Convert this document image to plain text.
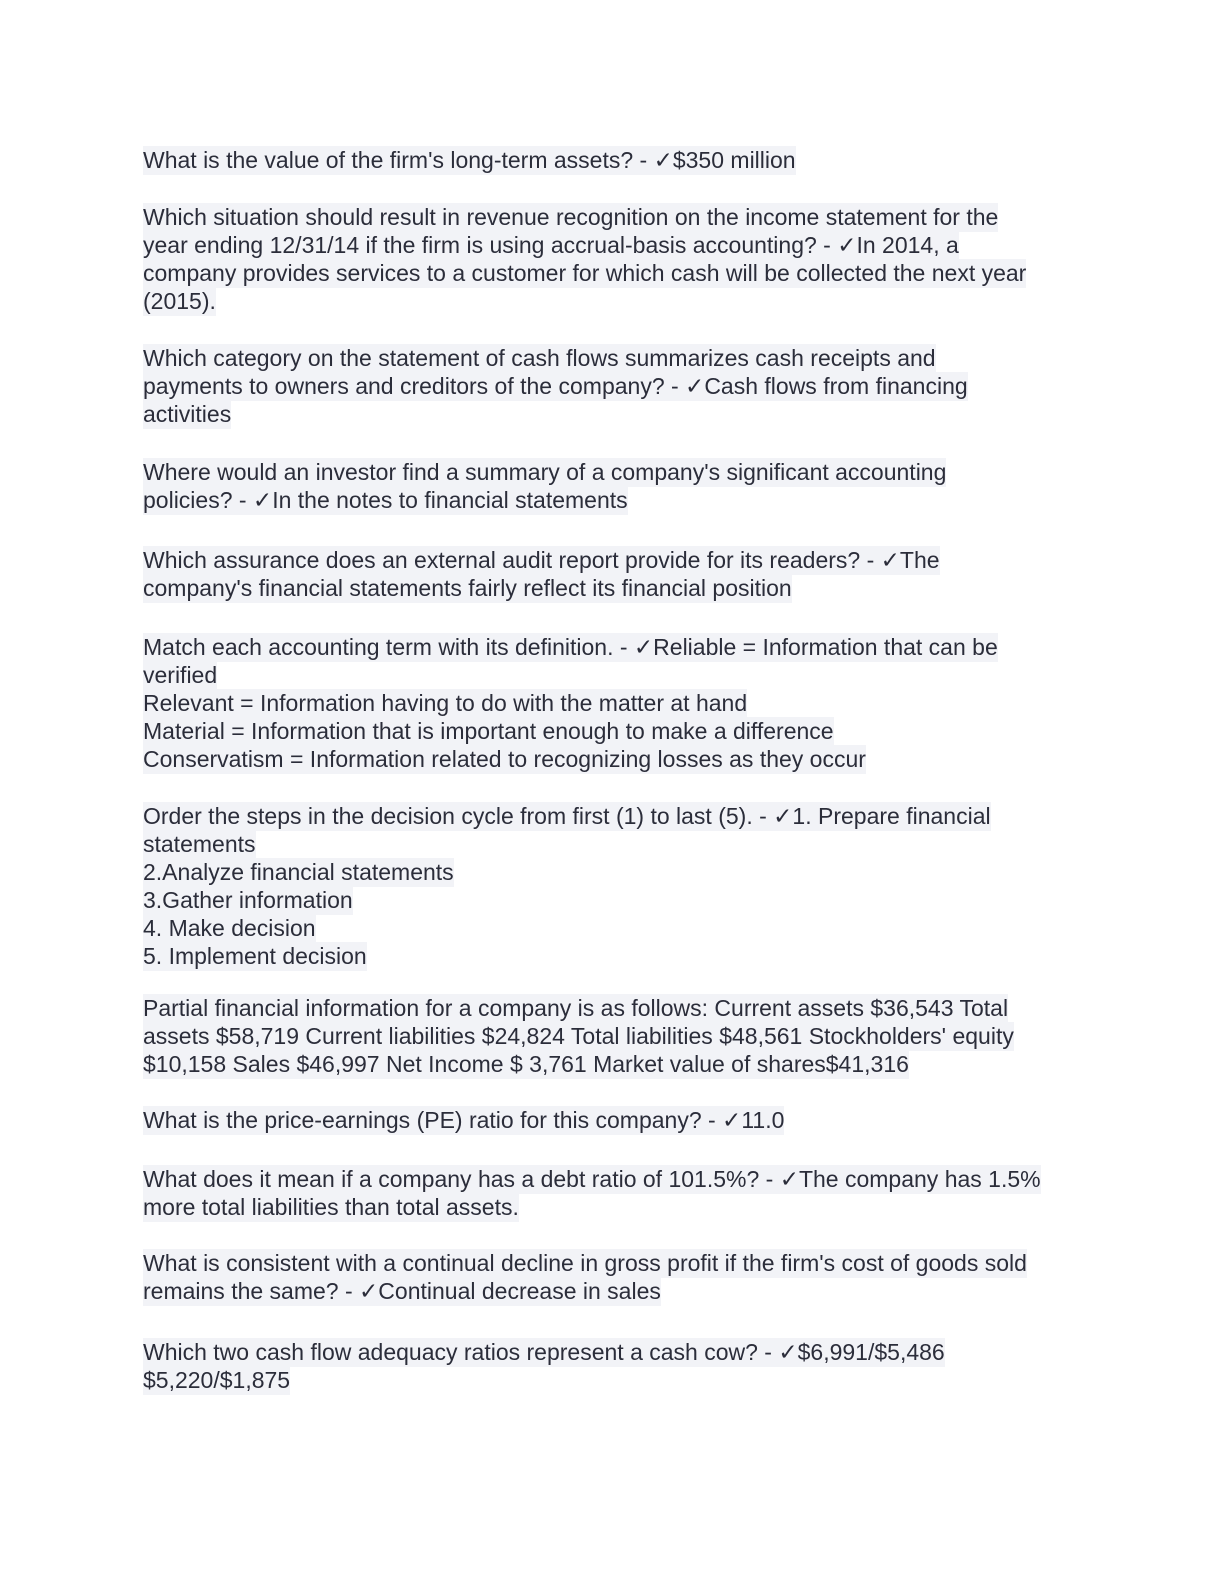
What is the value of the firm's long-term assets? - ✓$350 million

Which situation should result in revenue recognition on the income statement for the
year ending 12/31/14 if the firm is using accrual-basis accounting? - ✓In 2014, a
company provides services to a customer for which cash will be collected the next year
(2015).

Which category on the statement of cash flows summarizes cash receipts and
payments to owners and creditors of the company? - ✓Cash flows from financing
activities

Where would an investor find a summary of a company's significant accounting
policies? - ✓In the notes to financial statements

Which assurance does an external audit report provide for its readers? - ✓The
company's financial statements fairly reflect its financial position

Match each accounting term with its definition. - ✓Reliable = Information that can be
verified
Relevant = Information having to do with the matter at hand
Material = Information that is important enough to make a difference
Conservatism = Information related to recognizing losses as they occur

Order the steps in the decision cycle from first (1) to last (5). - ✓1. Prepare financial
statements
2.Analyze financial statements
3.Gather information
4. Make decision
5. Implement decision

Partial financial information for a company is as follows: Current assets $36,543 Total
assets $58,719 Current liabilities $24,824 Total liabilities $48,561 Stockholders' equity
$10,158 Sales $46,997 Net Income $ 3,761 Market value of shares$41,316

What is the price-earnings (PE) ratio for this company? - ✓11.0

What does it mean if a company has a debt ratio of 101.5%? - ✓The company has 1.5%
more total liabilities than total assets.

What is consistent with a continual decline in gross profit if the firm's cost of goods sold
remains the same? - ✓Continual decrease in sales

Which two cash flow adequacy ratios represent a cash cow? - ✓$6,991/$5,486
$5,220/$1,875
